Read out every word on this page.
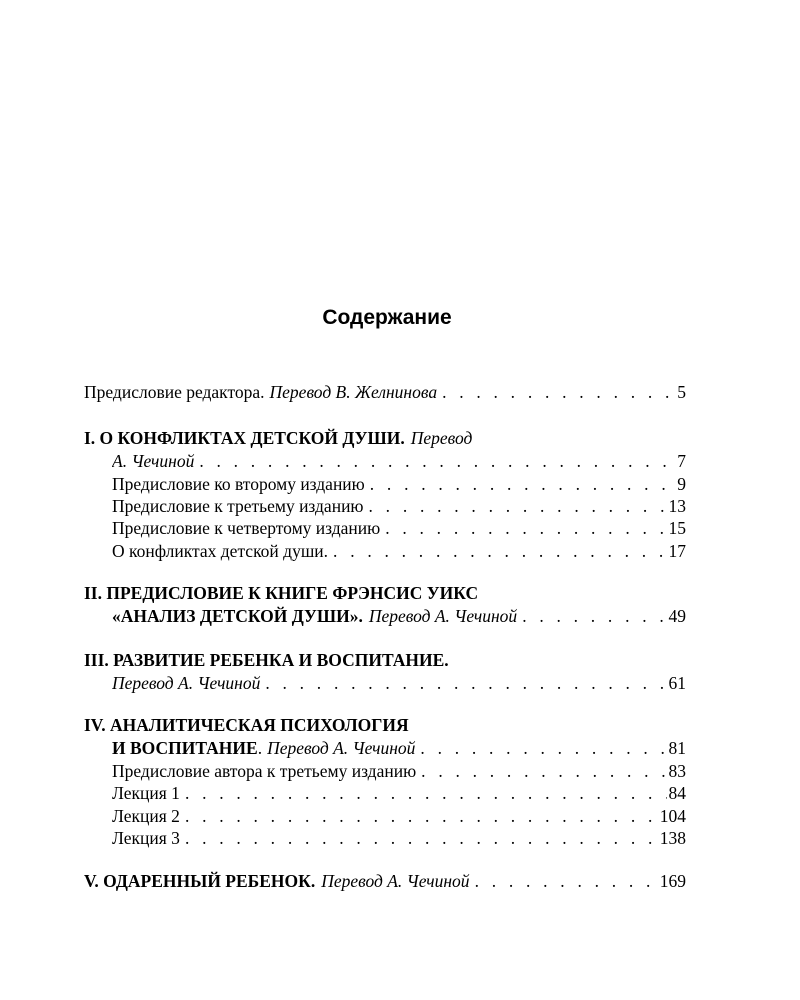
Содержание
Предисловие редактора. Перевод В. Желнинова . . .	5
I. О КОНФЛИКТАХ ДЕТСКОЙ ДУШИ. Перевод
А. Чечиной . . .	7
Предисловие ко второму изданию . . .	9
Предисловие к третьему изданию . . .	13
Предисловие к четвертому изданию . . .	15
О конфликтах детской души. . . .	17
II. ПРЕДИСЛОВИЕ К КНИГЕ ФРЭНСИС УИКС
«АНАЛИЗ ДЕТСКОЙ ДУШИ». Перевод А. Чечиной . . .	49
III. РАЗВИТИЕ РЕБЕНКА И ВОСПИТАНИЕ.
Перевод А. Чечиной . . .	61
IV. АНАЛИТИЧЕСКАЯ ПСИХОЛОГИЯ
И ВОСПИТАНИЕ . Перевод А. Чечиной . . .	81
Предисловие автора к третьему изданию . . .	83
Лекция 1 . . .	84
Лекция 2 . . .	104
Лекция 3 . . .	138
V. ОДАРЕННЫЙ РЕБЕНОК. Перевод А. Чечиной . . .	169
